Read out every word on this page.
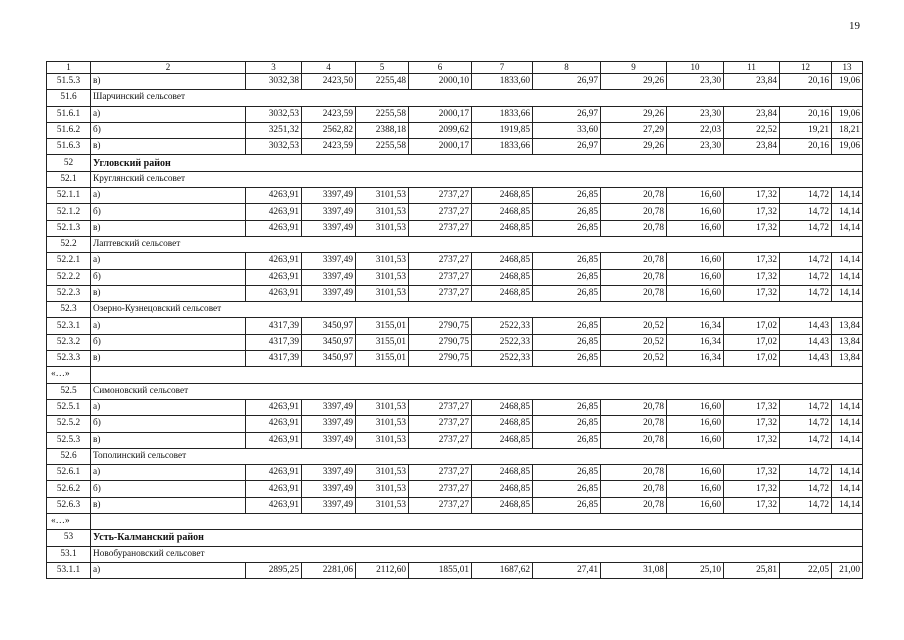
19
1	2	3	4	5	6	7	8	9	10	11	12	13
51.5.3	в)	3032,38	2423,50	2255,48	2000,10	1833,60	26,97	29,26	23,30	23,84	20,16	19,06
51.6	Шарчинский сельсовет											
51.6.1	а)	3032,53	2423,59	2255,58	2000,17	1833,66	26,97	29,26	23,30	23,84	20,16	19,06
51.6.2	б)	3251,32	2562,82	2388,18	2099,62	1919,85	33,60	27,29	22,03	22,52	19,21	18,21
51.6.3	в)	3032,53	2423,59	2255,58	2000,17	1833,66	26,97	29,26	23,30	23,84	20,16	19,06
52	Угловский район											
52.1	Круглянский сельсовет											
52.1.1	а)	4263,91	3397,49	3101,53	2737,27	2468,85	26,85	20,78	16,60	17,32	14,72	14,14
52.1.2	б)	4263,91	3397,49	3101,53	2737,27	2468,85	26,85	20,78	16,60	17,32	14,72	14,14
52.1.3	в)	4263,91	3397,49	3101,53	2737,27	2468,85	26,85	20,78	16,60	17,32	14,72	14,14
52.2	Лаптевский сельсовет											
52.2.1	а)	4263,91	3397,49	3101,53	2737,27	2468,85	26,85	20,78	16,60	17,32	14,72	14,14
52.2.2	б)	4263,91	3397,49	3101,53	2737,27	2468,85	26,85	20,78	16,60	17,32	14,72	14,14
52.2.3	в)	4263,91	3397,49	3101,53	2737,27	2468,85	26,85	20,78	16,60	17,32	14,72	14,14
52.3	Озерно-Кузнецовский сельсовет											
52.3.1	а)	4317,39	3450,97	3155,01	2790,75	2522,33	26,85	20,52	16,34	17,02	14,43	13,84
52.3.2	б)	4317,39	3450,97	3155,01	2790,75	2522,33	26,85	20,52	16,34	17,02	14,43	13,84
52.3.3	в)	4317,39	3450,97	3155,01	2790,75	2522,33	26,85	20,52	16,34	17,02	14,43	13,84
«…»												
52.5	Симоновский сельсовет											
52.5.1	а)	4263,91	3397,49	3101,53	2737,27	2468,85	26,85	20,78	16,60	17,32	14,72	14,14
52.5.2	б)	4263,91	3397,49	3101,53	2737,27	2468,85	26,85	20,78	16,60	17,32	14,72	14,14
52.5.3	в)	4263,91	3397,49	3101,53	2737,27	2468,85	26,85	20,78	16,60	17,32	14,72	14,14
52.6	Тополинский сельсовет											
52.6.1	а)	4263,91	3397,49	3101,53	2737,27	2468,85	26,85	20,78	16,60	17,32	14,72	14,14
52.6.2	б)	4263,91	3397,49	3101,53	2737,27	2468,85	26,85	20,78	16,60	17,32	14,72	14,14
52.6.3	в)	4263,91	3397,49	3101,53	2737,27	2468,85	26,85	20,78	16,60	17,32	14,72	14,14
«…»												
53	Усть-Калманский район											
53.1	Новобурановский сельсовет											
53.1.1	а)	2895,25	2281,06	2112,60	1855,01	1687,62	27,41	31,08	25,10	25,81	22,05	21,00
